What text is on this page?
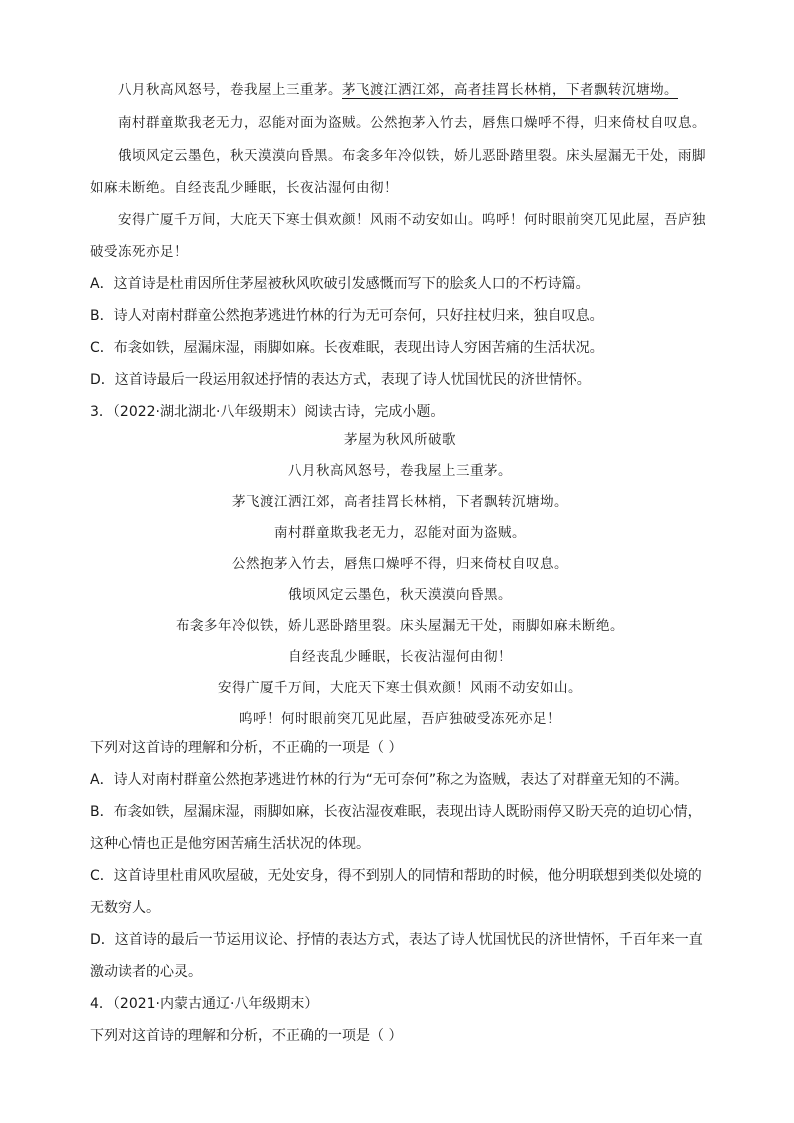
八月秋高风怒号，卷我屋上三重茅。茅飞渡江洒江郊，高者挂罥长林梢，下者飘转沉塘坳。
南村群童欺我老无力，忍能对面为盗贼。公然抱茅入竹去，唇焦口燥呼不得，归来倚杖自叹息。
俄顷风定云墨色，秋天漠漠向昏黑。布衾多年冷似铁，娇儿恶卧踏里裂。床头屋漏无干处，雨脚
如麻未断绝。自经丧乱少睡眠，长夜沾湿何由彻！
安得广厦千万间，大庇天下寒士俱欢颜！风雨不动安如山。呜呼！何时眼前突兀见此屋，吾庐独
破受冻死亦足！
A．这首诗是杜甫因所住茅屋被秋风吹破引发感慨而写下的脍炙人口的不朽诗篇。
B．诗人对南村群童公然抱茅逃进竹林的行为无可奈何，只好拄杖归来，独自叹息。
C．布衾如铁，屋漏床湿，雨脚如麻。长夜难眠，表现出诗人穷困苦痛的生活状况。
D．这首诗最后一段运用叙述抒情的表达方式，表现了诗人忧国忧民的济世情怀。
3．（2022·湖北湖北·八年级期末）阅读古诗，完成小题。
茅屋为秋风所破歌
八月秋高风怒号，卷我屋上三重茅。
茅飞渡江洒江郊，高者挂罥长林梢，下者飘转沉塘坳。
南村群童欺我老无力，忍能对面为盗贼。
公然抱茅入竹去，唇焦口燥呼不得，归来倚杖自叹息。
俄顷风定云墨色，秋天漠漠向昏黑。
布衾多年冷似铁，娇儿恶卧踏里裂。床头屋漏无干处，雨脚如麻未断绝。
自经丧乱少睡眠，长夜沾湿何由彻！
安得广厦千万间，大庇天下寒士俱欢颜！风雨不动安如山。
呜呼！何时眼前突兀见此屋，吾庐独破受冻死亦足！
下列对这首诗的理解和分析，不正确的一项是（ ）
A．诗人对南村群童公然抱茅逃进竹林的行为“无可奈何”称之为盗贼，表达了对群童无知的不满。
B．布衾如铁，屋漏床湿，雨脚如麻，长夜沾湿夜难眠，表现出诗人既盼雨停又盼天亮的迫切心情，
这种心情也正是他穷困苦痛生活状况的体现。
C．这首诗里杜甫风吹屋破，无处安身，得不到别人的同情和帮助的时候，他分明联想到类似处境的
无数穷人。
D．这首诗的最后一节运用议论、抒情的表达方式，表达了诗人忧国忧民的济世情怀，千百年来一直
激动读者的心灵。
4．（2021·内蒙古通辽·八年级期末）
下列对这首诗的理解和分析，不正确的一项是（ ）
